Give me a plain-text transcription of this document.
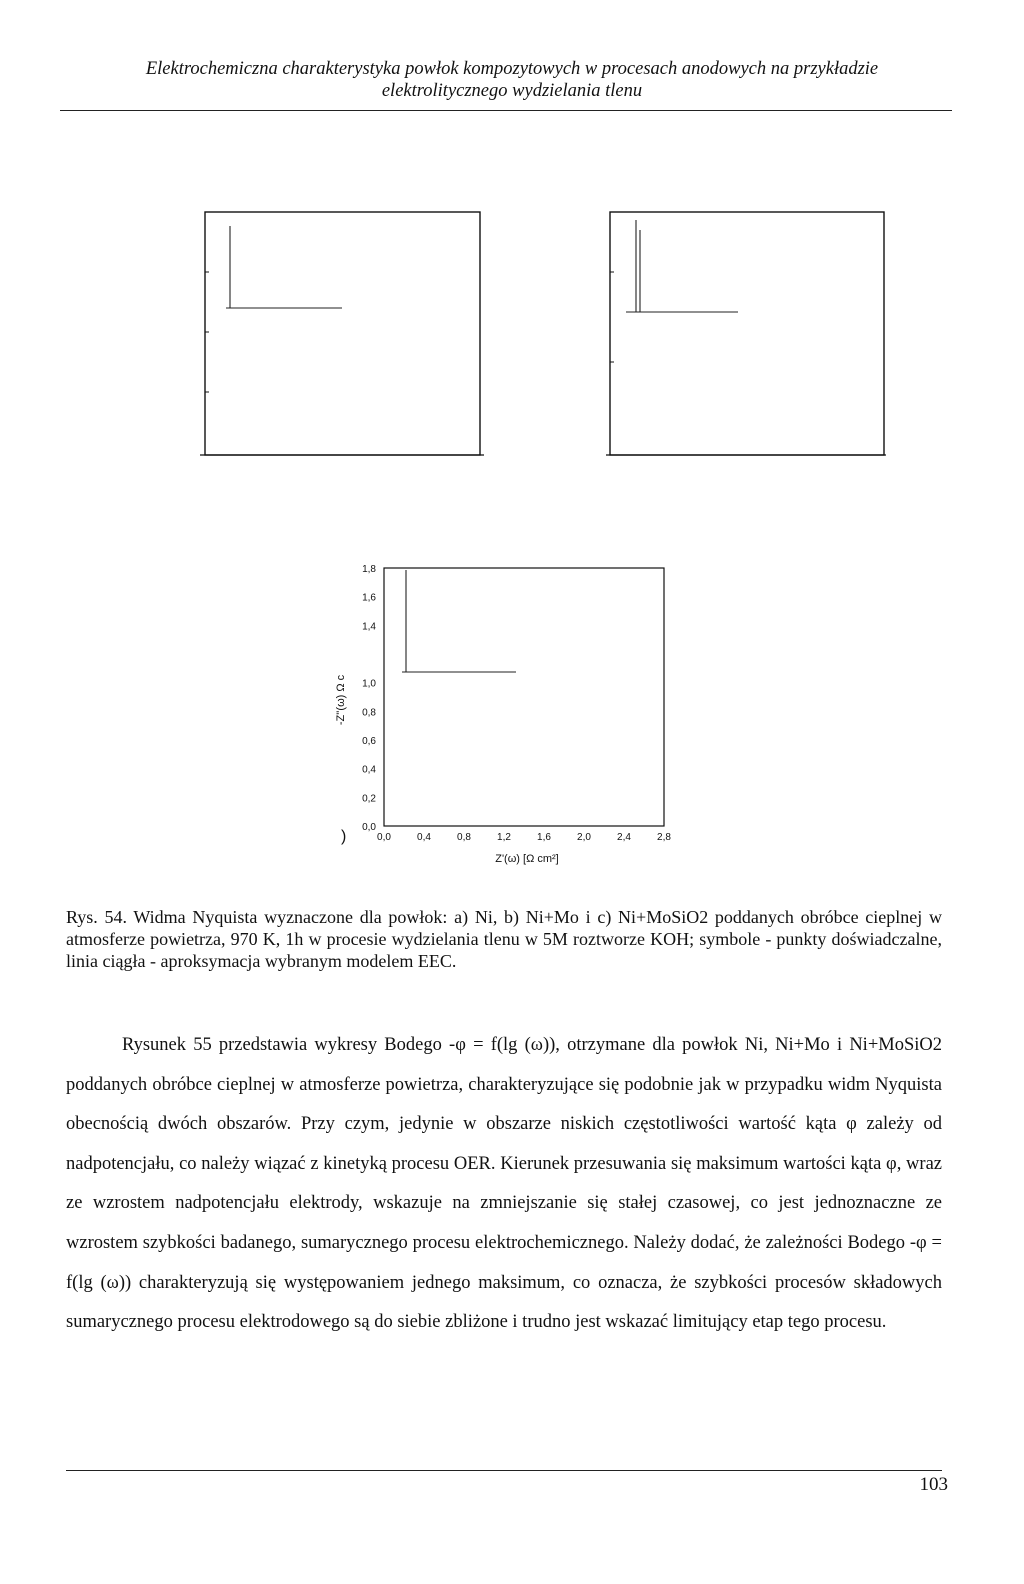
Elektrochemiczna charakterystyka powłok kompozytowych w procesach anodowych na przykładzie
elektrolitycznego wydzielania tlenu
0,0
0,2
0,4
0,6
0,8
1,0
1,4
1,6
1,8
0,0	0,4	0,8	1,2	1,6	2,0	2,4	2,8
-Z''(ω) Ω c
Z'(ω) [Ω cm²]
)
Rys. 54. Widma Nyquista wyznaczone dla powłok: a) Ni, b) Ni+Mo i c) Ni+MoSiO2 poddanych obróbce cieplnej w atmosferze powietrza, 970 K, 1h w procesie wydzielania tlenu w 5M roztworze KOH; symbole - punkty doświadczalne, linia ciągła - aproksymacja wybranym modelem EEC.

Rysunek 55 przedstawia wykresy Bodego -φ = f(lg (ω)), otrzymane dla powłok Ni, Ni+Mo i Ni+MoSiO2 poddanych obróbce cieplnej w atmosferze powietrza, charakteryzujące się podobnie jak w przypadku widm Nyquista obecnością dwóch obszarów. Przy czym, jedynie w obszarze niskich częstotliwości wartość kąta φ zależy od nadpotencjału, co należy wiązać z kinetyką procesu OER. Kierunek przesuwania się maksimum wartości kąta φ, wraz ze wzrostem nadpotencjału elektrody, wskazuje na zmniejszanie się stałej czasowej, co jest jednoznaczne ze wzrostem szybkości badanego, sumarycznego procesu elektrochemicznego. Należy dodać, że zależności Bodego -φ = f(lg (ω)) charakteryzują się występowaniem jednego maksimum, co oznacza, że szybkości procesów składowych sumarycznego procesu elektrodowego są do siebie zbliżone i trudno jest wskazać limitujący etap tego procesu.

103
